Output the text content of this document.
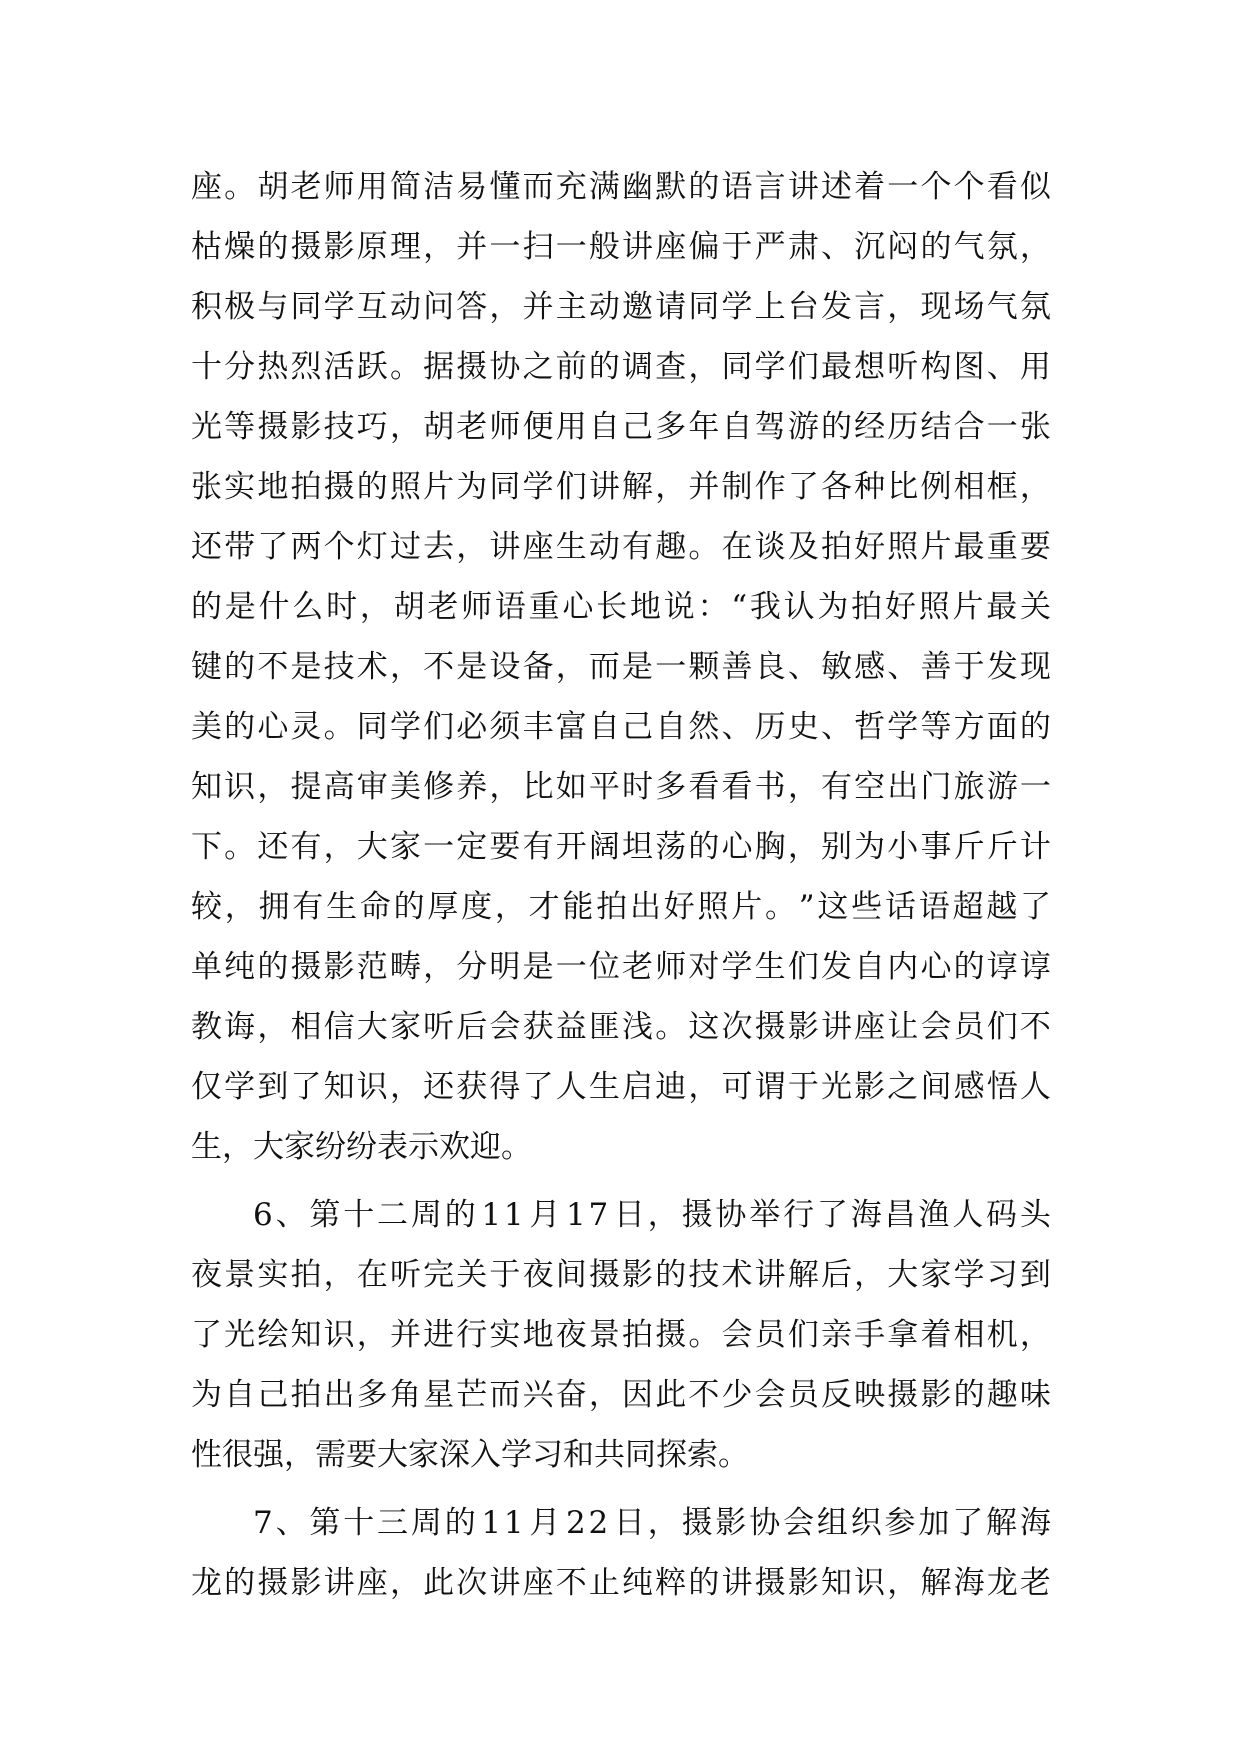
座 。 胡 老 师 用 简 洁 易 懂 而 充 满 幽 默 的 语 言 讲 述 着 一 个 个 看 似
枯 燥 的 摄 影 原 理 ， 并 一 扫 一 般 讲 座 偏 于 严 肃 、 沉 闷 的 气 氛 ，
积 极 与 同 学 互 动 问 答 ， 并 主 动 邀 请 同 学 上 台 发 言 ， 现 场 气 氛
十 分 热 烈 活 跃 。 据 摄 协 之 前 的 调 查 ， 同 学 们 最 想 听 构 图 、 用
光 等 摄 影 技 巧 ， 胡 老 师 便 用 自 己 多 年 自 驾 游 的 经 历 结 合 一 张
张 实 地 拍 摄 的 照 片 为 同 学 们 讲 解 ， 并 制 作 了 各 种 比 例 相 框 ，
还 带 了 两 个 灯 过 去 ， 讲 座 生 动 有 趣 。 在 谈 及 拍 好 照 片 最 重 要
的 是 什 么 时 ， 胡 老 师 语 重 心 长 地 说 ： “ 我 认 为 拍 好 照 片 最 关
键 的 不 是 技 术 ， 不 是 设 备 ， 而 是 一 颗 善 良 、 敏 感 、 善 于 发 现
美 的 心 灵 。 同 学 们 必 须 丰 富 自 己 自 然 、 历 史 、 哲 学 等 方 面 的
知 识 ， 提 高 审 美 修 养 ， 比 如 平 时 多 看 看 书 ， 有 空 出 门 旅 游 一
下 。 还 有 ， 大 家 一 定 要 有 开 阔 坦 荡 的 心 胸 ， 别 为 小 事 斤 斤 计
较 ， 拥 有 生 命 的 厚 度 ， 才 能 拍 出 好 照 片 。 ” 这 些 话 语 超 越 了
单 纯 的 摄 影 范 畴 ， 分 明 是 一 位 老 师 对 学 生 们 发 自 内 心 的 谆 谆
教 诲 ， 相 信 大 家 听 后 会 获 益 匪 浅 。 这 次 摄 影 讲 座 让 会 员 们 不
仅 学 到 了 知 识 ， 还 获 得 了 人 生 启 迪 ， 可 谓 于 光 影 之 间 感 悟 人
生，大家纷纷表示欢迎。
6 、 第 十 二 周 的 1 1 月 1 7 日 ， 摄 协 举 行 了 海 昌 渔 人 码 头
夜 景 实 拍 ， 在 听 完 关 于 夜 间 摄 影 的 技 术 讲 解 后 ， 大 家 学 习 到
了 光 绘 知 识 ， 并 进 行 实 地 夜 景 拍 摄 。 会 员 们 亲 手 拿 着 相 机 ，
为 自 己 拍 出 多 角 星 芒 而 兴 奋 ， 因 此 不 少 会 员 反 映 摄 影 的 趣 味
性很强，需要大家深入学习和共同探索。
7 、 第 十 三 周 的 1 1 月 2 2 日 ， 摄 影 协 会 组 织 参 加 了 解 海
龙 的 摄 影 讲 座 ， 此 次 讲 座 不 止 纯 粹 的 讲 摄 影 知 识 ， 解 海 龙 老
